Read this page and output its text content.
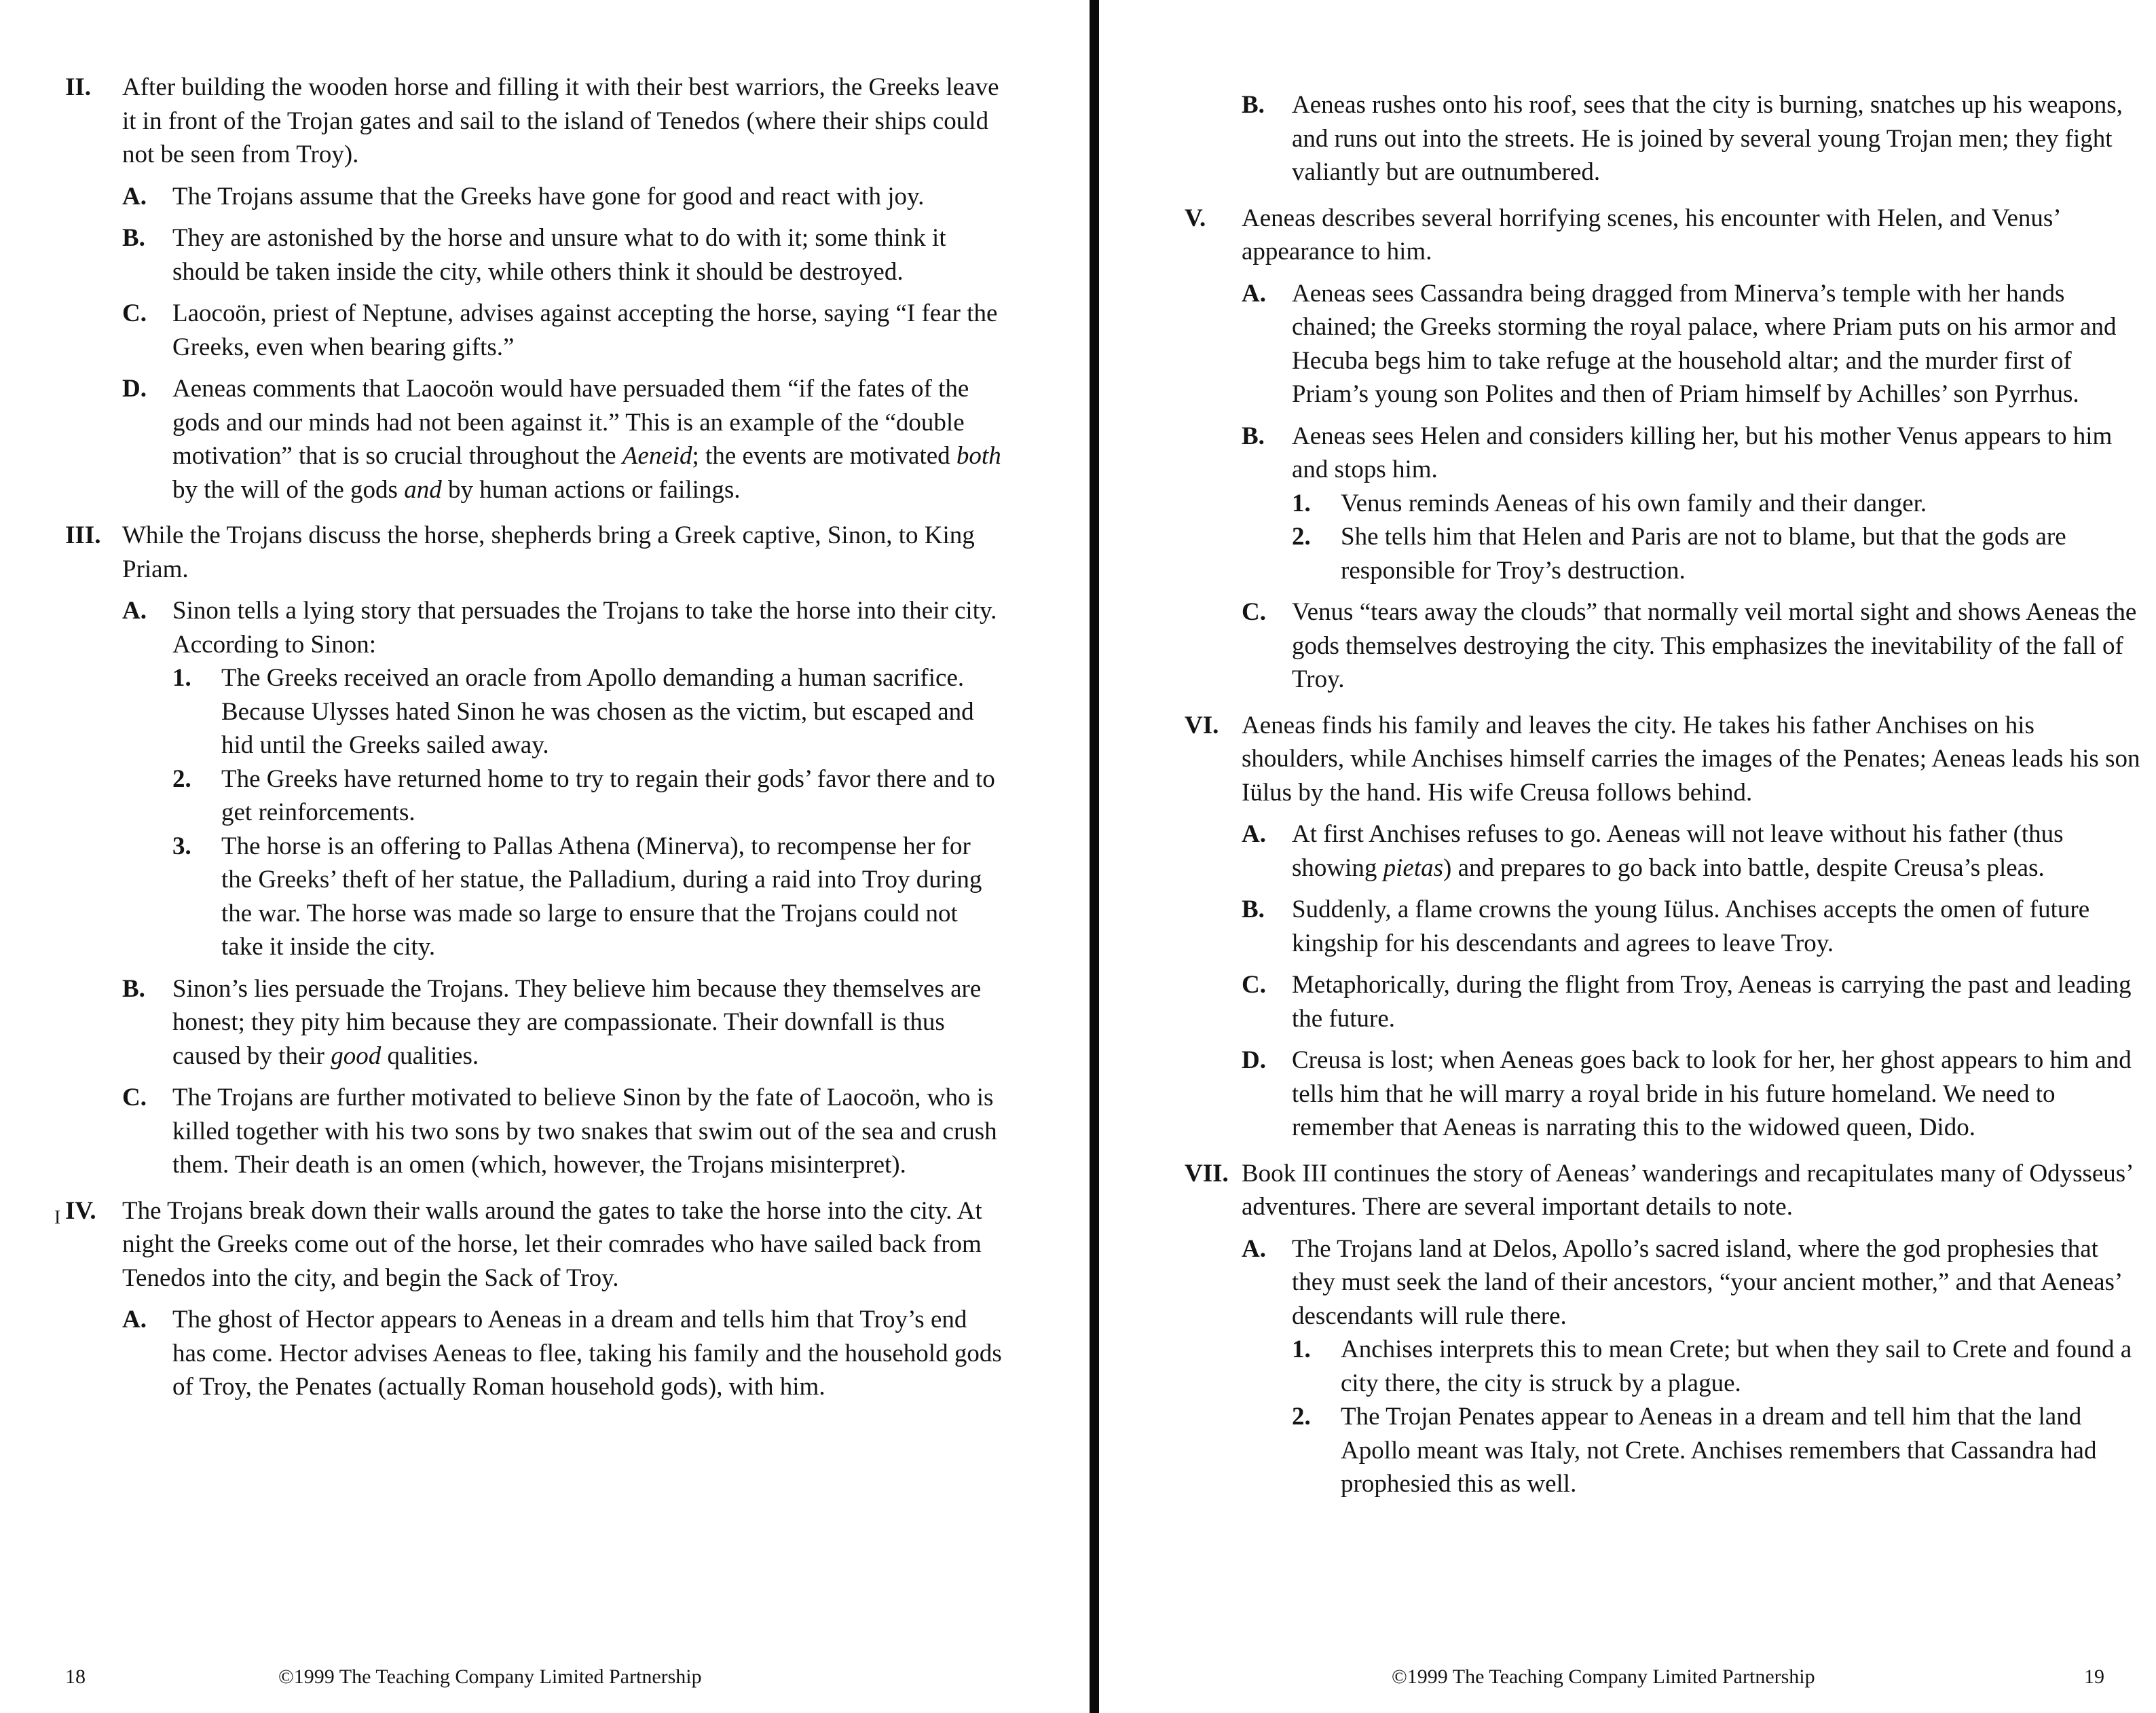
II. After building the wooden horse and filling it with their best warriors, the Greeks leave it in front of the Trojan gates and sail to the island of Tenedos (where their ships could not be seen from Troy).
A. The Trojans assume that the Greeks have gone for good and react with joy.
B. They are astonished by the horse and unsure what to do with it; some think it should be taken inside the city, while others think it should be destroyed.
C. Laocoön, priest of Neptune, advises against accepting the horse, saying “I fear the Greeks, even when bearing gifts.”
D. Aeneas comments that Laocoön would have persuaded them “if the fates of the gods and our minds had not been against it.” This is an example of the “double motivation” that is so crucial throughout the Aeneid; the events are motivated both by the will of the gods and by human actions or failings.
III. While the Trojans discuss the horse, shepherds bring a Greek captive, Sinon, to King Priam.
A. Sinon tells a lying story that persuades the Trojans to take the horse into their city. According to Sinon:
1. The Greeks received an oracle from Apollo demanding a human sacrifice. Because Ulysses hated Sinon he was chosen as the victim, but escaped and hid until the Greeks sailed away.
2. The Greeks have returned home to try to regain their gods’ favor there and to get reinforcements.
3. The horse is an offering to Pallas Athena (Minerva), to recompense her for the Greeks’ theft of her statue, the Palladium, during a raid into Troy during the war. The horse was made so large to ensure that the Trojans could not take it inside the city.
B. Sinon’s lies persuade the Trojans. They believe him because they themselves are honest; they pity him because they are compassionate. Their downfall is thus caused by their good qualities.
C. The Trojans are further motivated to believe Sinon by the fate of Laocoön, who is killed together with his two sons by two snakes that swim out of the sea and crush them. Their death is an omen (which, however, the Trojans misinterpret).
IV. The Trojans break down their walls around the gates to take the horse into the city. At night the Greeks come out of the horse, let their comrades who have sailed back from Tenedos into the city, and begin the Sack of Troy.
A. The ghost of Hector appears to Aeneas in a dream and tells him that Troy’s end has come. Hector advises Aeneas to flee, taking his family and the household gods of Troy, the Penates (actually Roman household gods), with him.
I
18	©1999 The Teaching Company Limited Partnership
B. Aeneas rushes onto his roof, sees that the city is burning, snatches up his weapons, and runs out into the streets. He is joined by several young Trojan men; they fight valiantly but are outnumbered.
V. Aeneas describes several horrifying scenes, his encounter with Helen, and Venus’ appearance to him.
A. Aeneas sees Cassandra being dragged from Minerva’s temple with her hands chained; the Greeks storming the royal palace, where Priam puts on his armor and Hecuba begs him to take refuge at the household altar; and the murder first of Priam’s young son Polites and then of Priam himself by Achilles’ son Pyrrhus.
B. Aeneas sees Helen and considers killing her, but his mother Venus appears to him and stops him.
1. Venus reminds Aeneas of his own family and their danger.
2. She tells him that Helen and Paris are not to blame, but that the gods are responsible for Troy’s destruction.
C. Venus “tears away the clouds” that normally veil mortal sight and shows Aeneas the gods themselves destroying the city. This emphasizes the inevitability of the fall of Troy.
VI. Aeneas finds his family and leaves the city. He takes his father Anchises on his shoulders, while Anchises himself carries the images of the Penates; Aeneas leads his son Iülus by the hand. His wife Creusa follows behind.
A. At first Anchises refuses to go. Aeneas will not leave without his father (thus showing pietas) and prepares to go back into battle, despite Creusa’s pleas.
B. Suddenly, a flame crowns the young Iülus. Anchises accepts the omen of future kingship for his descendants and agrees to leave Troy.
C. Metaphorically, during the flight from Troy, Aeneas is carrying the past and leading the future.
D. Creusa is lost; when Aeneas goes back to look for her, her ghost appears to him and tells him that he will marry a royal bride in his future homeland. We need to remember that Aeneas is narrating this to the widowed queen, Dido.
VII. Book III continues the story of Aeneas’ wanderings and recapitulates many of Odysseus’ adventures. There are several important details to note.
A. The Trojans land at Delos, Apollo’s sacred island, where the god prophesies that they must seek the land of their ancestors, “your ancient mother,” and that Aeneas’ descendants will rule there.
1. Anchises interprets this to mean Crete; but when they sail to Crete and found a city there, the city is struck by a plague.
2. The Trojan Penates appear to Aeneas in a dream and tell him that the land Apollo meant was Italy, not Crete. Anchises remembers that Cassandra had prophesied this as well.
©1999 The Teaching Company Limited Partnership	19
